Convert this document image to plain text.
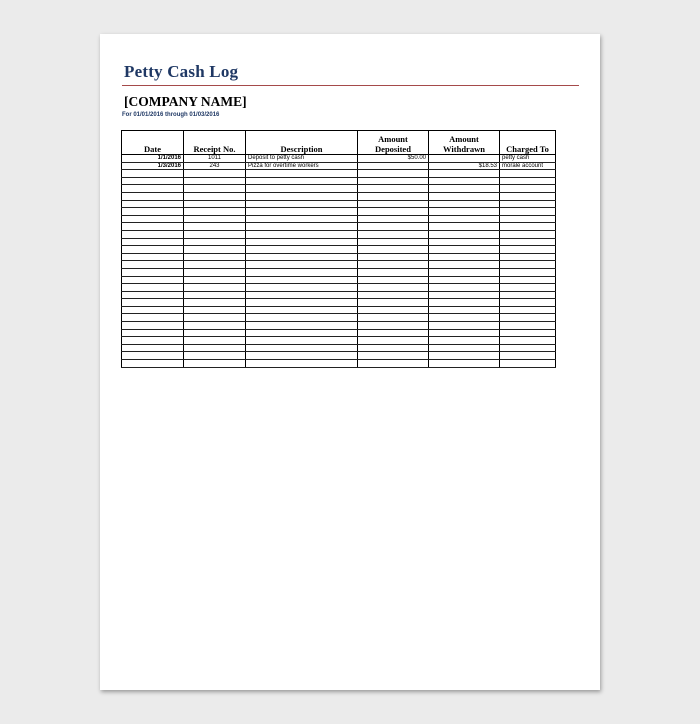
Petty Cash Log
[COMPANY NAME]
For 01/01/2016 through 01/03/2016
Date	Receipt No.	Description	Amount Deposited	Amount Withdrawn	Charged To
1/1/2016	1011	Deposit to petty cash	$50.00		petty cash
1/3/2016	243	Pizza for overtime workers		$18.53	morale account
